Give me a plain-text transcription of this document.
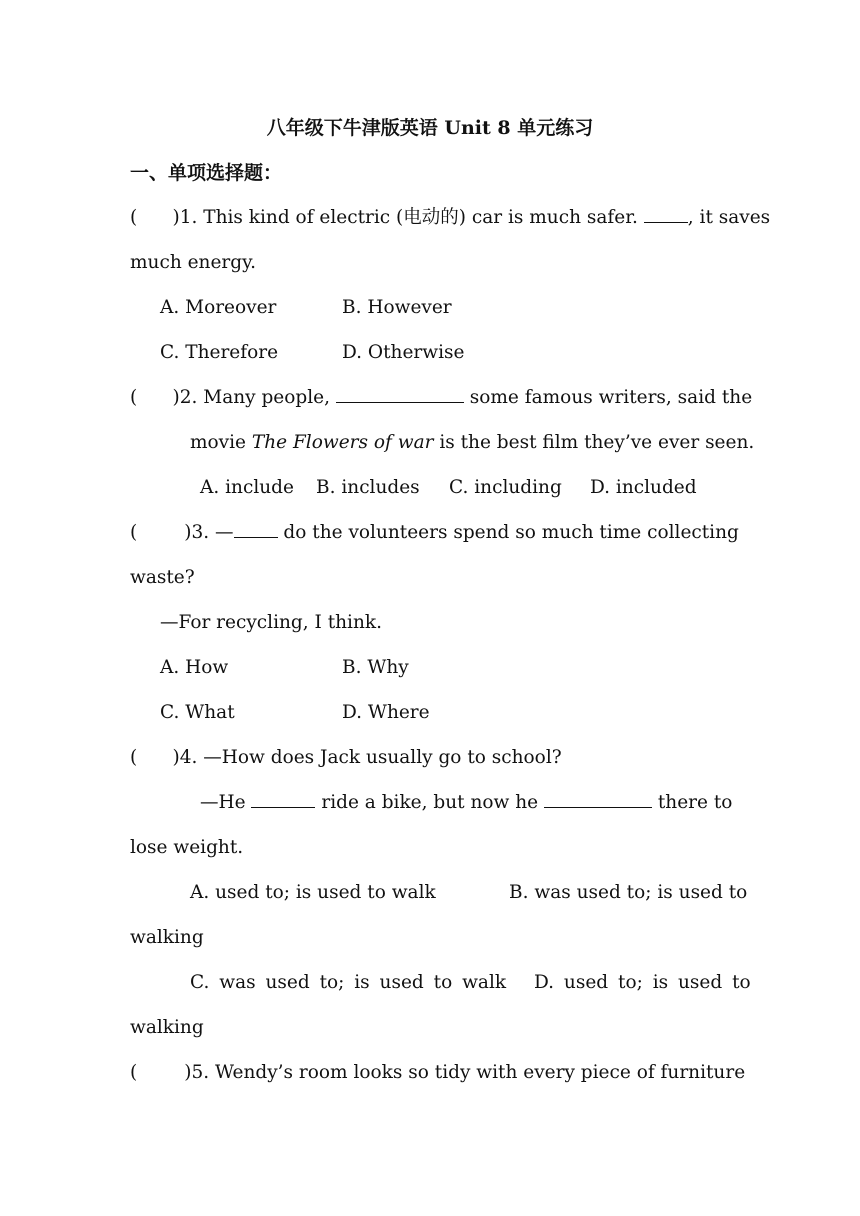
八年级下牛津版英语 Unit 8 单元练习
一、单项选择题：
(      )1. This kind of electric (电动的) car is much safer. , it saves
much energy.
A. Moreover	B. However
C. Therefore	D. Otherwise
(      )2. Many people,	some famous writers, said the
movie The Flowers of war is the best film they’ve ever seen.
A. include B. includes C. including D. included
(        )3. — do the volunteers spend so much time collecting
waste?
—For recycling, I think.
A. How	B. Why
C. What	D. Where
(      )4. —How does Jack usually go to school?
—He	ride a bike, but now he	there to
lose weight.
A. used to; is used to walk	B. was used to; is used to
walking
C. was used to; is used to walk D. used to; is used to
walking
(        )5. Wendy’s room looks so tidy with every piece of furniture
